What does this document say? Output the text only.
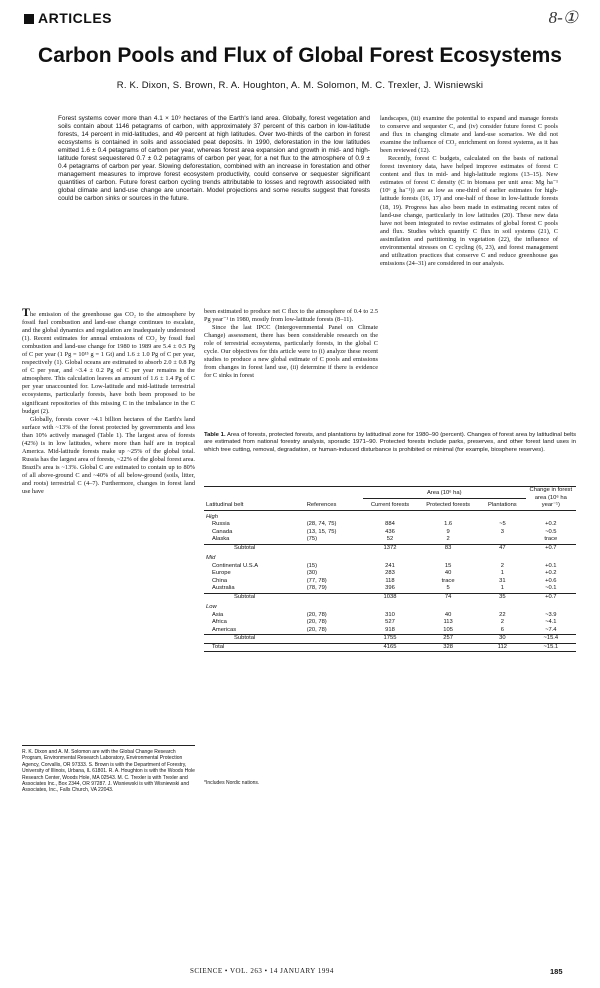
ARTICLES	8-①
Carbon Pools and Flux of Global Forest Ecosystems
R. K. Dixon, S. Brown, R. A. Houghton, A. M. Solomon, M. C. Trexler, J. Wisniewski
Forest systems cover more than 4.1 × 10⁹ hectares of the Earth's land area. Globally, forest vegetation and soils contain about 1146 petagrams of carbon, with approximately 37 percent of this carbon in low-latitude forests, 14 percent in mid-latitudes, and 49 percent at high latitudes. Over two-thirds of the carbon in forest ecosystems is contained in soils and associated peat deposits. In 1990, deforestation in the low latitudes emitted 1.6 ± 0.4 petagrams of carbon per year, whereas forest area expansion and growth in mid- and high-latitude forest sequestered 0.7 ± 0.2 petagrams of carbon per year, for a net flux to the atmosphere of 0.9 ± 0.4 petagrams of carbon per year. Slowing deforestation, combined with an increase in forestation and other management measures to improve forest ecosystem productivity, could conserve or sequester significant quantities of carbon. Future forest carbon cycling trends attributable to losses and regrowth associated with global climate and land-use change are uncertain. Model projections and some results suggest that forests could be carbon sinks or sources in the future.

landscapes, (iii) examine the potential to expand and manage forests to conserve and sequester C, and (iv) consider future forest C pools and flux in changing climate and land-use scenarios. We did not examine the influence of CO₂ enrichment on forest systems, as it has been reviewed (12).

Recently, forest C budgets, calculated on the basis of national forest inventory data, have helped improve estimates of forest C content and flux in mid- and high-latitude regions (13–15). New estimates of forest C density (C in biomass per unit area: Mg ha⁻¹ (10⁶ g ha⁻¹)) are as low as one-third of earlier estimates for high-latitude forests (16, 17) and one-half of those in low-latitude forests (18, 19). Progress has also been made in estimating recent rates of land-use change, particularly in low latitudes (20). These new data have not been integrated to revise estimates of global forest C pools and flux. Studies which quantify C flux in soil systems (21), C assimilation and partitioning in vegetation (22), the influence of environmental stresses on C cycling (6, 23), and forest management and utilization practices that conserve C and reduce greenhouse gas emissions (24–31) are considered in our analysis.

The emission of the greenhouse gas CO₂ to the atmosphere by fossil fuel combustion and land-use change continues to escalate, and the global dynamics and regulation are inadequately understood (1). Recent estimates for annual emissions of CO₂ by fossil fuel combustion and land-use change for 1980 to 1989 are 5.4 ± 0.5 Pg of C per year (1 Pg = 10¹⁵ g = 1 Gt) and 1.6 ± 1.0 Pg of C per year, respectively (1). Global oceans are estimated to absorb 2.0 ± 0.8 Pg of C per year, and ~3.4 ± 0.2 Pg of C per year remains in the atmosphere. This calculation leaves an amount of 1.6 ± 1.4 Pg of C per year unaccounted for. Low-latitude and mid-latitude terrestrial ecosystems, particularly forests, have both been proposed to be significant repositories of this missing C in the imbalance in the C budget (2).

Globally, forests cover ~4.1 billion hectares of the Earth's land surface with ~13% of the forest protected by governments and less than 10% actively managed (Table 1). The largest area of forests (42%) is in low latitudes, where more than half are in tropical America. Mid-latitude forests make up ~25% of the global total. Russia has the largest area of forests, ~22% of the global forest area. Brazil's area is ~13%. Global C are estimated to contain up to 80% of all above-ground C and ~40% of all below-ground (soils, litter, and roots) terrestrial C (4–7). Furthermore, changes in forest land use have

been estimated to produce net C flux to the atmosphere of 0.4 to 2.5 Pg year⁻¹ in 1980, mostly from low-latitude forests (8–11).

Since the last IPCC (Intergovernmental Panel on Climate Change) assessment, there has been considerable research on the role of terrestrial ecosystems, particularly forests, in the global C cycle. Our objectives for this article were to (i) analyze these recent studies to produce a new global estimate of C pools and emissions from changes in forest land use, (ii) determine if there is evidence for C sinks in forest

R. K. Dixon and A. M. Solomon are with the Global Change Research Program, Environmental Research Laboratory, Environmental Protection Agency, Corvallis, OR 97333. S. Brown is with the Department of Forestry, University of Illinois, Urbana, IL 61801. R. A. Houghton is with the Woods Hole Research Center, Woods Hole, MA 02543. M. C. Trexler is with Trexler and Associates Inc., Box 2344, OR 97287. J. Wisniewski is with Wisniewski and Associates, Inc., Falls Church, VA 22043.
Table 1. Area of forests, protected forests, and plantations by latitudinal zone for 1980–90 (percent). Changes of forest area by latitudinal belts are estimated from national forestry analysis, sporadic 1971–90. Protected forests include parks, preserves, and other forest land uses in which tree cutting, removal, degradation, or human-induced disturbance is prohibited or minimal (for example, biosphere reserves).
		Area (10⁶ ha)			Change in forest area (10⁶ ha year⁻¹)
Latitudinal belt	References	Current forests	Protected forests	Plantations	
High					
Russia	(28, 74, 75)	884	1.6	~5	+0.2
Canada	(13, 15, 75)	436	9	3	~0.5
Alaska	(75)	52	2		trace
Subtotal		1372	83	47	+0.7
Mid					
Continental U.S.A	(15)	241	15	2	+0.1
Europe	(30)	283	40	1	+0.2
China	(77, 78)	118	trace	31	+0.6
Australia	(78, 79)	396	5	1	~0.1
Subtotal		1038	74	35	+0.7
Low					
Asia	(20, 78)	310	40	22	~3.9
Africa	(20, 78)	527	113	2	~4.1
Americas	(20, 78)	918	105	6	~7.4
Subtotal		1755	257	30	~15.4
Total		4165	328	112	~15.1
*Includes Nordic nations.
SCIENCE • VOL. 263 • 14 JANUARY 1994	185
